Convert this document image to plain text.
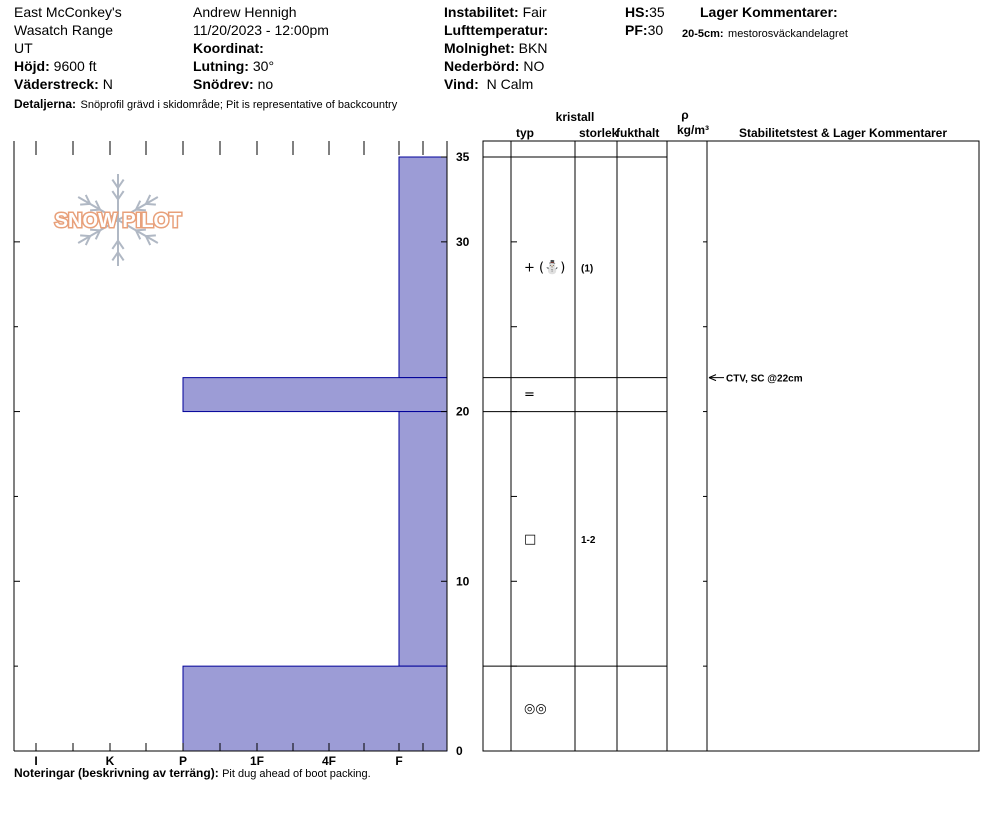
East McConkey's
Wasatch Range
UT
Höjd: 9600 ft
Väderstreck: N
Detaljerna: Snöprofil grävd i skidområde; Pit is representative of backcountry
Andrew Hennigh
11/20/2023 - 12:00pm
Koordinat:
Lutning: 30°
Snödrev: no
Instabilitet: Fair
Lufttemperatur:
Molnighet: BKN
Nederbörd: NO
Vind: N Calm
HS:35
PF:30
Lager Kommentarer:
20-5cm: mestorosväckandelagret
SNOW PILOT
I	K	P	1F	4F	F
0
10
20
30
35
kristall
typ	storlek
fukthalt
ρ
kg/m³ Stabilitetstest & Lager Kommentarer
+ (⛄) (1)
=
□	1-2
◎◎
CTV, SC @22cm
Noteringar (beskrivning av terräng): Pit dug ahead of boot packing.
